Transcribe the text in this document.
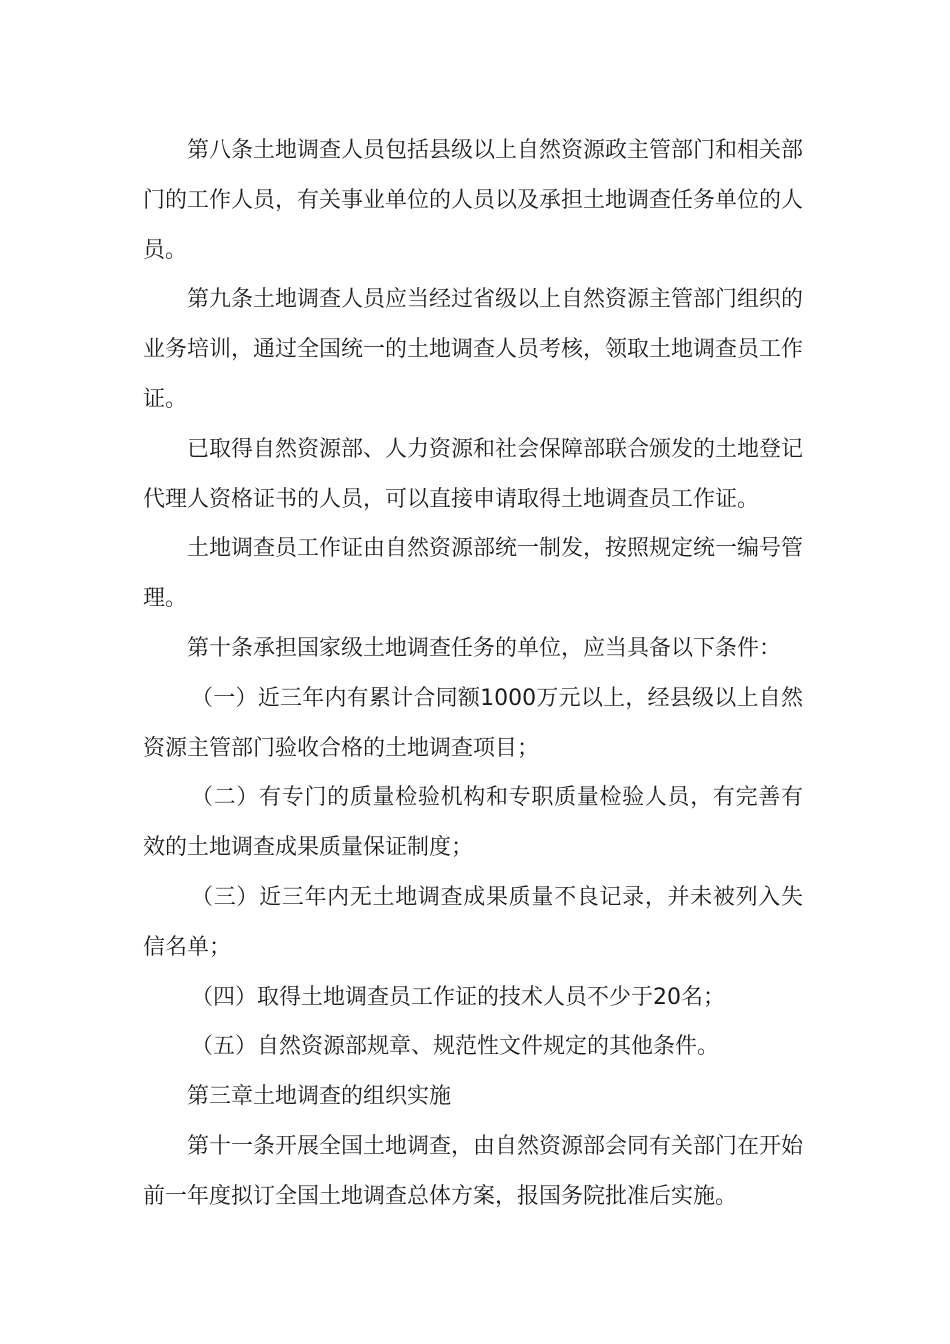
第八条土地调查人员包括县级以上自然资源政主管部门和相关部门的工作人员，有关事业单位的人员以及承担土地调查任务单位的人员。

第九条土地调查人员应当经过省级以上自然资源主管部门组织的业务培训，通过全国统一的土地调查人员考核，领取土地调查员工作证。

已取得自然资源部、人力资源和社会保障部联合颁发的土地登记代理人资格证书的人员，可以直接申请取得土地调查员工作证。

土地调查员工作证由自然资源部统一制发，按照规定统一编号管理。

第十条承担国家级土地调查任务的单位，应当具备以下条件：

（一）近三年内有累计合同额1000万元以上，经县级以上自然资源主管部门验收合格的土地调查项目；

（二）有专门的质量检验机构和专职质量检验人员，有完善有效的土地调查成果质量保证制度；

（三）近三年内无土地调查成果质量不良记录，并未被列入失信名单；

（四）取得土地调查员工作证的技术人员不少于20名；

（五）自然资源部规章、规范性文件规定的其他条件。

第三章土地调查的组织实施

第十一条开展全国土地调查，由自然资源部会同有关部门在开始前一年度拟订全国土地调查总体方案，报国务院批准后实施。
